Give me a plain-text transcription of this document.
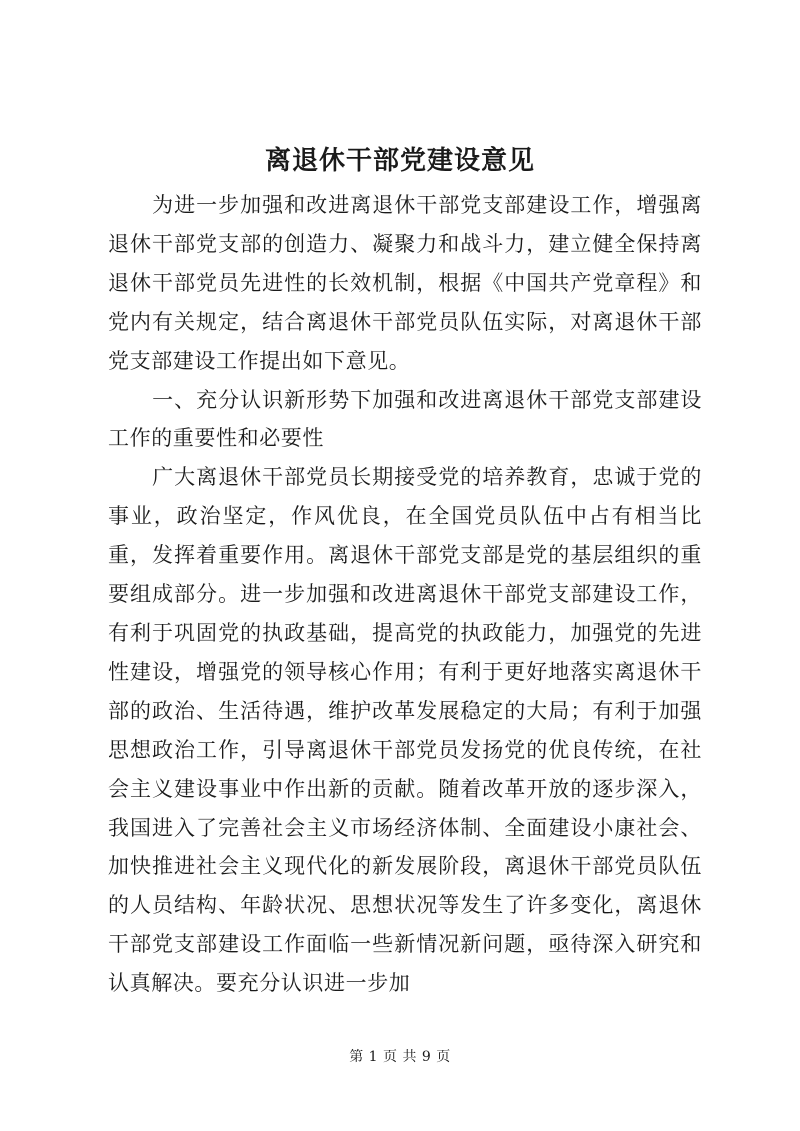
离退休干部党建设意见

为进一步加强和改进离退休干部党支部建设工作，增强离退休干部党支部的创造力、凝聚力和战斗力，建立健全保持离退休干部党员先进性的长效机制，根据《中国共产党章程》和党内有关规定，结合离退休干部党员队伍实际，对离退休干部党支部建设工作提出如下意见。

一、充分认识新形势下加强和改进离退休干部党支部建设工作的重要性和必要性

广大离退休干部党员长期接受党的培养教育，忠诚于党的事业，政治坚定，作风优良，在全国党员队伍中占有相当比重，发挥着重要作用。离退休干部党支部是党的基层组织的重要组成部分。进一步加强和改进离退休干部党支部建设工作，有利于巩固党的执政基础，提高党的执政能力，加强党的先进性建设，增强党的领导核心作用；有利于更好地落实离退休干部的政治、生活待遇，维护改革发展稳定的大局；有利于加强思想政治工作，引导离退休干部党员发扬党的优良传统，在社会主义建设事业中作出新的贡献。随着改革开放的逐步深入，我国进入了完善社会主义市场经济体制、全面建设小康社会、加快推进社会主义现代化的新发展阶段，离退休干部党员队伍的人员结构、年龄状况、思想状况等发生了许多变化，离退休干部党支部建设工作面临一些新情况新问题，亟待深入研究和认真解决。要充分认识进一步加

第 1 页 共 9 页
